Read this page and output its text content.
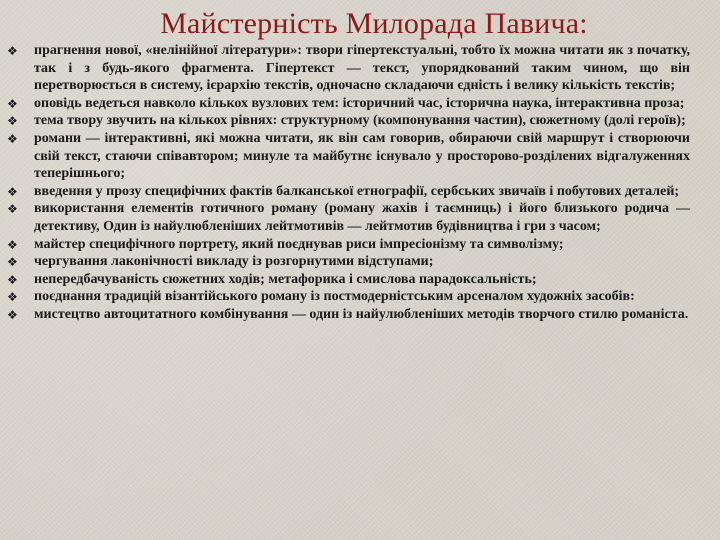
Майстерність Милорада Павича:
❖ прагнення нової, «нелінійної літератури»: твори гіпертекстуальні, тобто їх можна читати як з початку, так і з будь-якого фрагмента. Гіпертекст — текст, упорядкований таким чином, що він перетворюється в систему, ієрархію текстів, одночасно складаючи єдність і велику кількість текстів;
❖ оповідь ведеться навколо кількох вузлових тем: історичний час, історична наука, інтерактивна проза;
❖ тема твору звучить на кількох рівнях: структурному (компонування частин), сюжетному (долі героїв);
❖ романи — інтерактивні, які можна читати, як він сам говорив, обираючи свій маршрут і створюючи свій текст, стаючи співавтором; минуле та майбутнє існувало у просторово-розділених відгалуженнях теперішнього;
❖ введення у прозу специфічних фактів балканської етнографії, сербських звичаїв і побутових деталей;
❖ використання елементів готичного роману (роману жахів і таємниць) і його близького родича — детективу, Один із найулюбленіших лейтмотивів — лейтмотив будівництва і гри з часом;
❖ майстер специфічного портрету, який поєднував риси імпресіонізму та символізму;
❖ чергування лаконічності викладу із розгорнутими відступами;
❖ непередбачуваність сюжетних ходів; метафорика і смислова парадоксальність;
❖ поєднання традицій візантійського роману із постмодерністським арсеналом художніх засобів:
❖ мистецтво автоцитатного комбінування — один із найулюбленіших методів творчого стилю романіста.
